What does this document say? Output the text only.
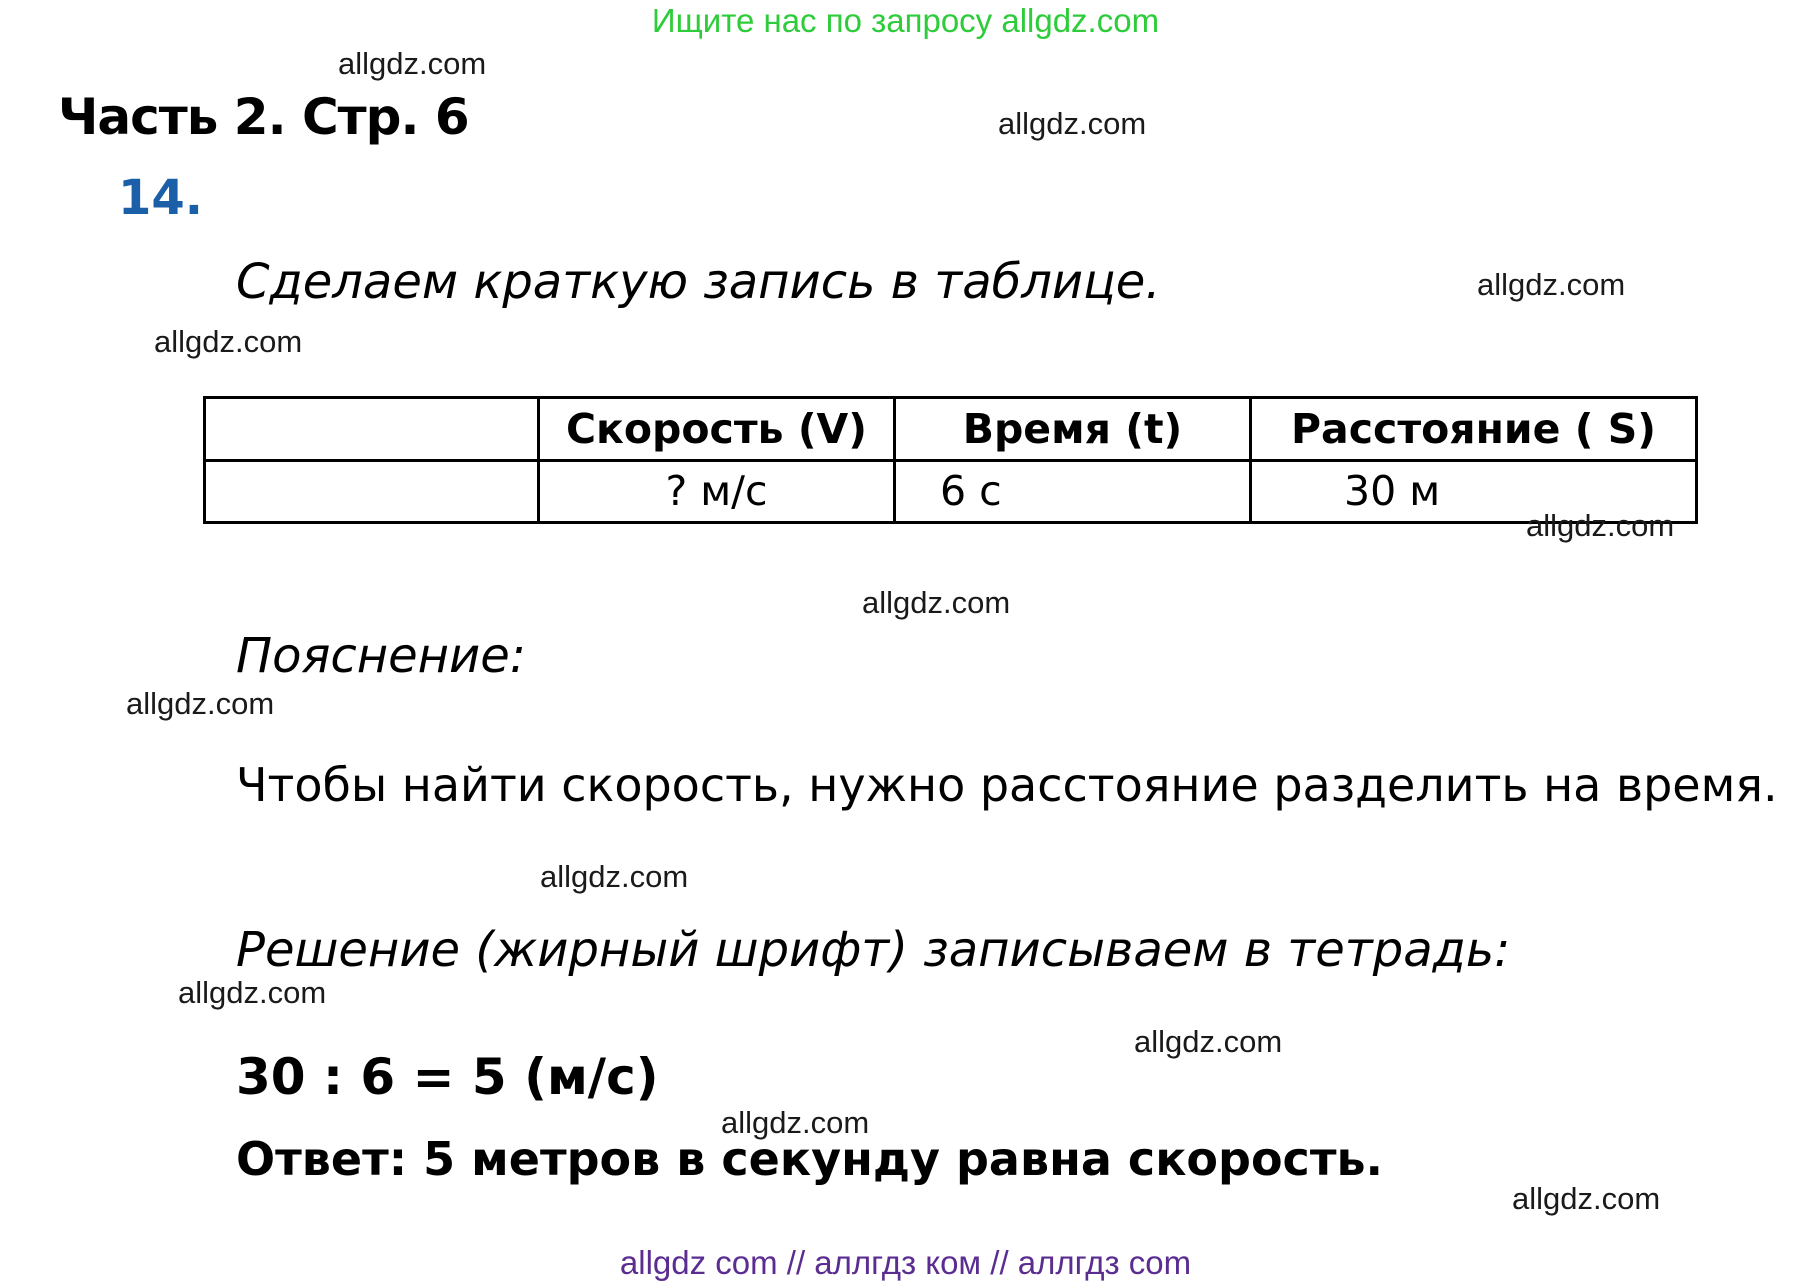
Ищите нас по запросу allgdz.com
allgdz.com
Часть 2. Стр. 6	allgdz.com
14.
Сделаем краткую запись в таблице.	allgdz.com
allgdz.com
	Скорость (V)	Время (t)	Расстояние ( S)
	? м/с	6 с	30 м
allgdz.com
allgdz.com
Пояснение:
allgdz.com
Чтобы найти скорость, нужно расстояние разделить на время.
allgdz.com
Решение (жирный шрифт) записываем в тетрадь:
allgdz.com
allgdz.com
30 : 6 = 5 (м/с)
allgdz.com
Ответ: 5 метров в секунду равна скорость.
allgdz.com
allgdz com // аллгдз ком // аллгдз com
